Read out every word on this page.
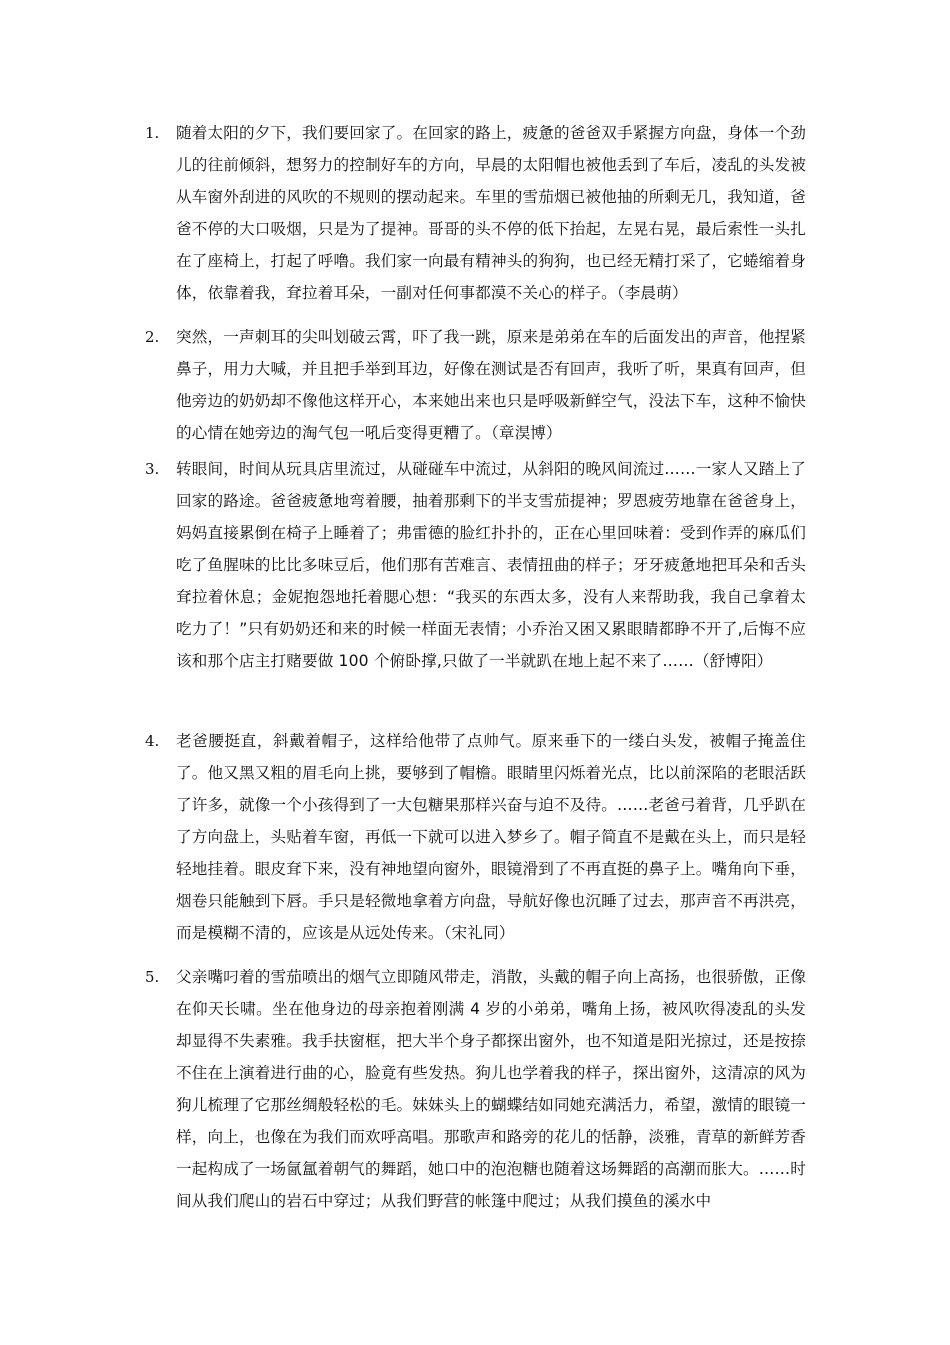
1. 随着太阳的夕下，我们要回家了。在回家的路上，疲惫的爸爸双手紧握方向盘，身体一个劲儿的往前倾斜，想努力的控制好车的方向，早晨的太阳帽也被他丢到了车后，凌乱的头发被从车窗外刮进的风吹的不规则的摆动起来。车里的雪茄烟已被他抽的所剩无几，我知道，爸爸不停的大口吸烟，只是为了提神。哥哥的头不停的低下抬起，左晃右晃，最后索性一头扎在了座椅上，打起了呼噜。我们家一向最有精神头的狗狗，也已经无精打采了，它蜷缩着身体，依靠着我，耷拉着耳朵，一副对任何事都漠不关心的样子。（李晨萌）
2. 突然，一声刺耳的尖叫划破云霄，吓了我一跳，原来是弟弟在车的后面发出的声音，他捏紧鼻子，用力大喊，并且把手举到耳边，好像在测试是否有回声，我听了听，果真有回声，但他旁边的奶奶却不像他这样开心，本来她出来也只是呼吸新鲜空气，没法下车，这种不愉快的心情在她旁边的淘气包一吼后变得更糟了。（章淏博）
3. 转眼间，时间从玩具店里流过，从碰碰车中流过，从斜阳的晚风间流过……一家人又踏上了回家的路途。爸爸疲惫地弯着腰，抽着那剩下的半支雪茄提神；罗恩疲劳地靠在爸爸身上，妈妈直接累倒在椅子上睡着了；弗雷德的脸红扑扑的，正在心里回味着：受到作弄的麻瓜们吃了鱼腥味的比比多味豆后，他们那有苦难言、表情扭曲的样子；牙牙疲惫地把耳朵和舌头耷拉着休息；金妮抱怨地托着腮心想：“我买的东西太多，没有人来帮助我，我自己拿着太吃力了！”只有奶奶还和来的时候一样面无表情；小乔治又困又累眼睛都睁不开了,后悔不应该和那个店主打赌要做 100 个俯卧撑,只做了一半就趴在地上起不来了……（舒博阳）
4. 老爸腰挺直，斜戴着帽子，这样给他带了点帅气。原来垂下的一缕白头发，被帽子掩盖住了。他又黑又粗的眉毛向上挑，要够到了帽檐。眼睛里闪烁着光点，比以前深陷的老眼活跃了许多，就像一个小孩得到了一大包糖果那样兴奋与迫不及待。……老爸弓着背，几乎趴在了方向盘上，头贴着车窗，再低一下就可以进入梦乡了。帽子简直不是戴在头上，而只是轻轻地挂着。眼皮耷下来，没有神地望向窗外，眼镜滑到了不再直挺的鼻子上。嘴角向下垂，烟卷只能触到下唇。手只是轻微地拿着方向盘，导航好像也沉睡了过去，那声音不再洪亮，而是模糊不清的，应该是从远处传来。（宋礼同）
5. 父亲嘴叼着的雪茄喷出的烟气立即随风带走，消散，头戴的帽子向上高扬，也很骄傲，正像在仰天长啸。坐在他身边的母亲抱着刚满 4 岁的小弟弟，嘴角上扬，被风吹得凌乱的头发却显得不失素雅。我手扶窗框，把大半个身子都探出窗外，也不知道是阳光掠过，还是按捺不住在上演着进行曲的心，脸竟有些发热。狗儿也学着我的样子，探出窗外，这清凉的风为狗儿梳理了它那丝绸般轻松的毛。妹妹头上的蝴蝶结如同她充满活力，希望，激情的眼镜一样，向上，也像在为我们而欢呼高唱。那歌声和路旁的花儿的恬静，淡雅，青草的新鲜芳香一起构成了一场氤氲着朝气的舞蹈，她口中的泡泡糖也随着这场舞蹈的高潮而胀大。……时间从我们爬山的岩石中穿过；从我们野营的帐篷中爬过；从我们摸鱼的溪水中
